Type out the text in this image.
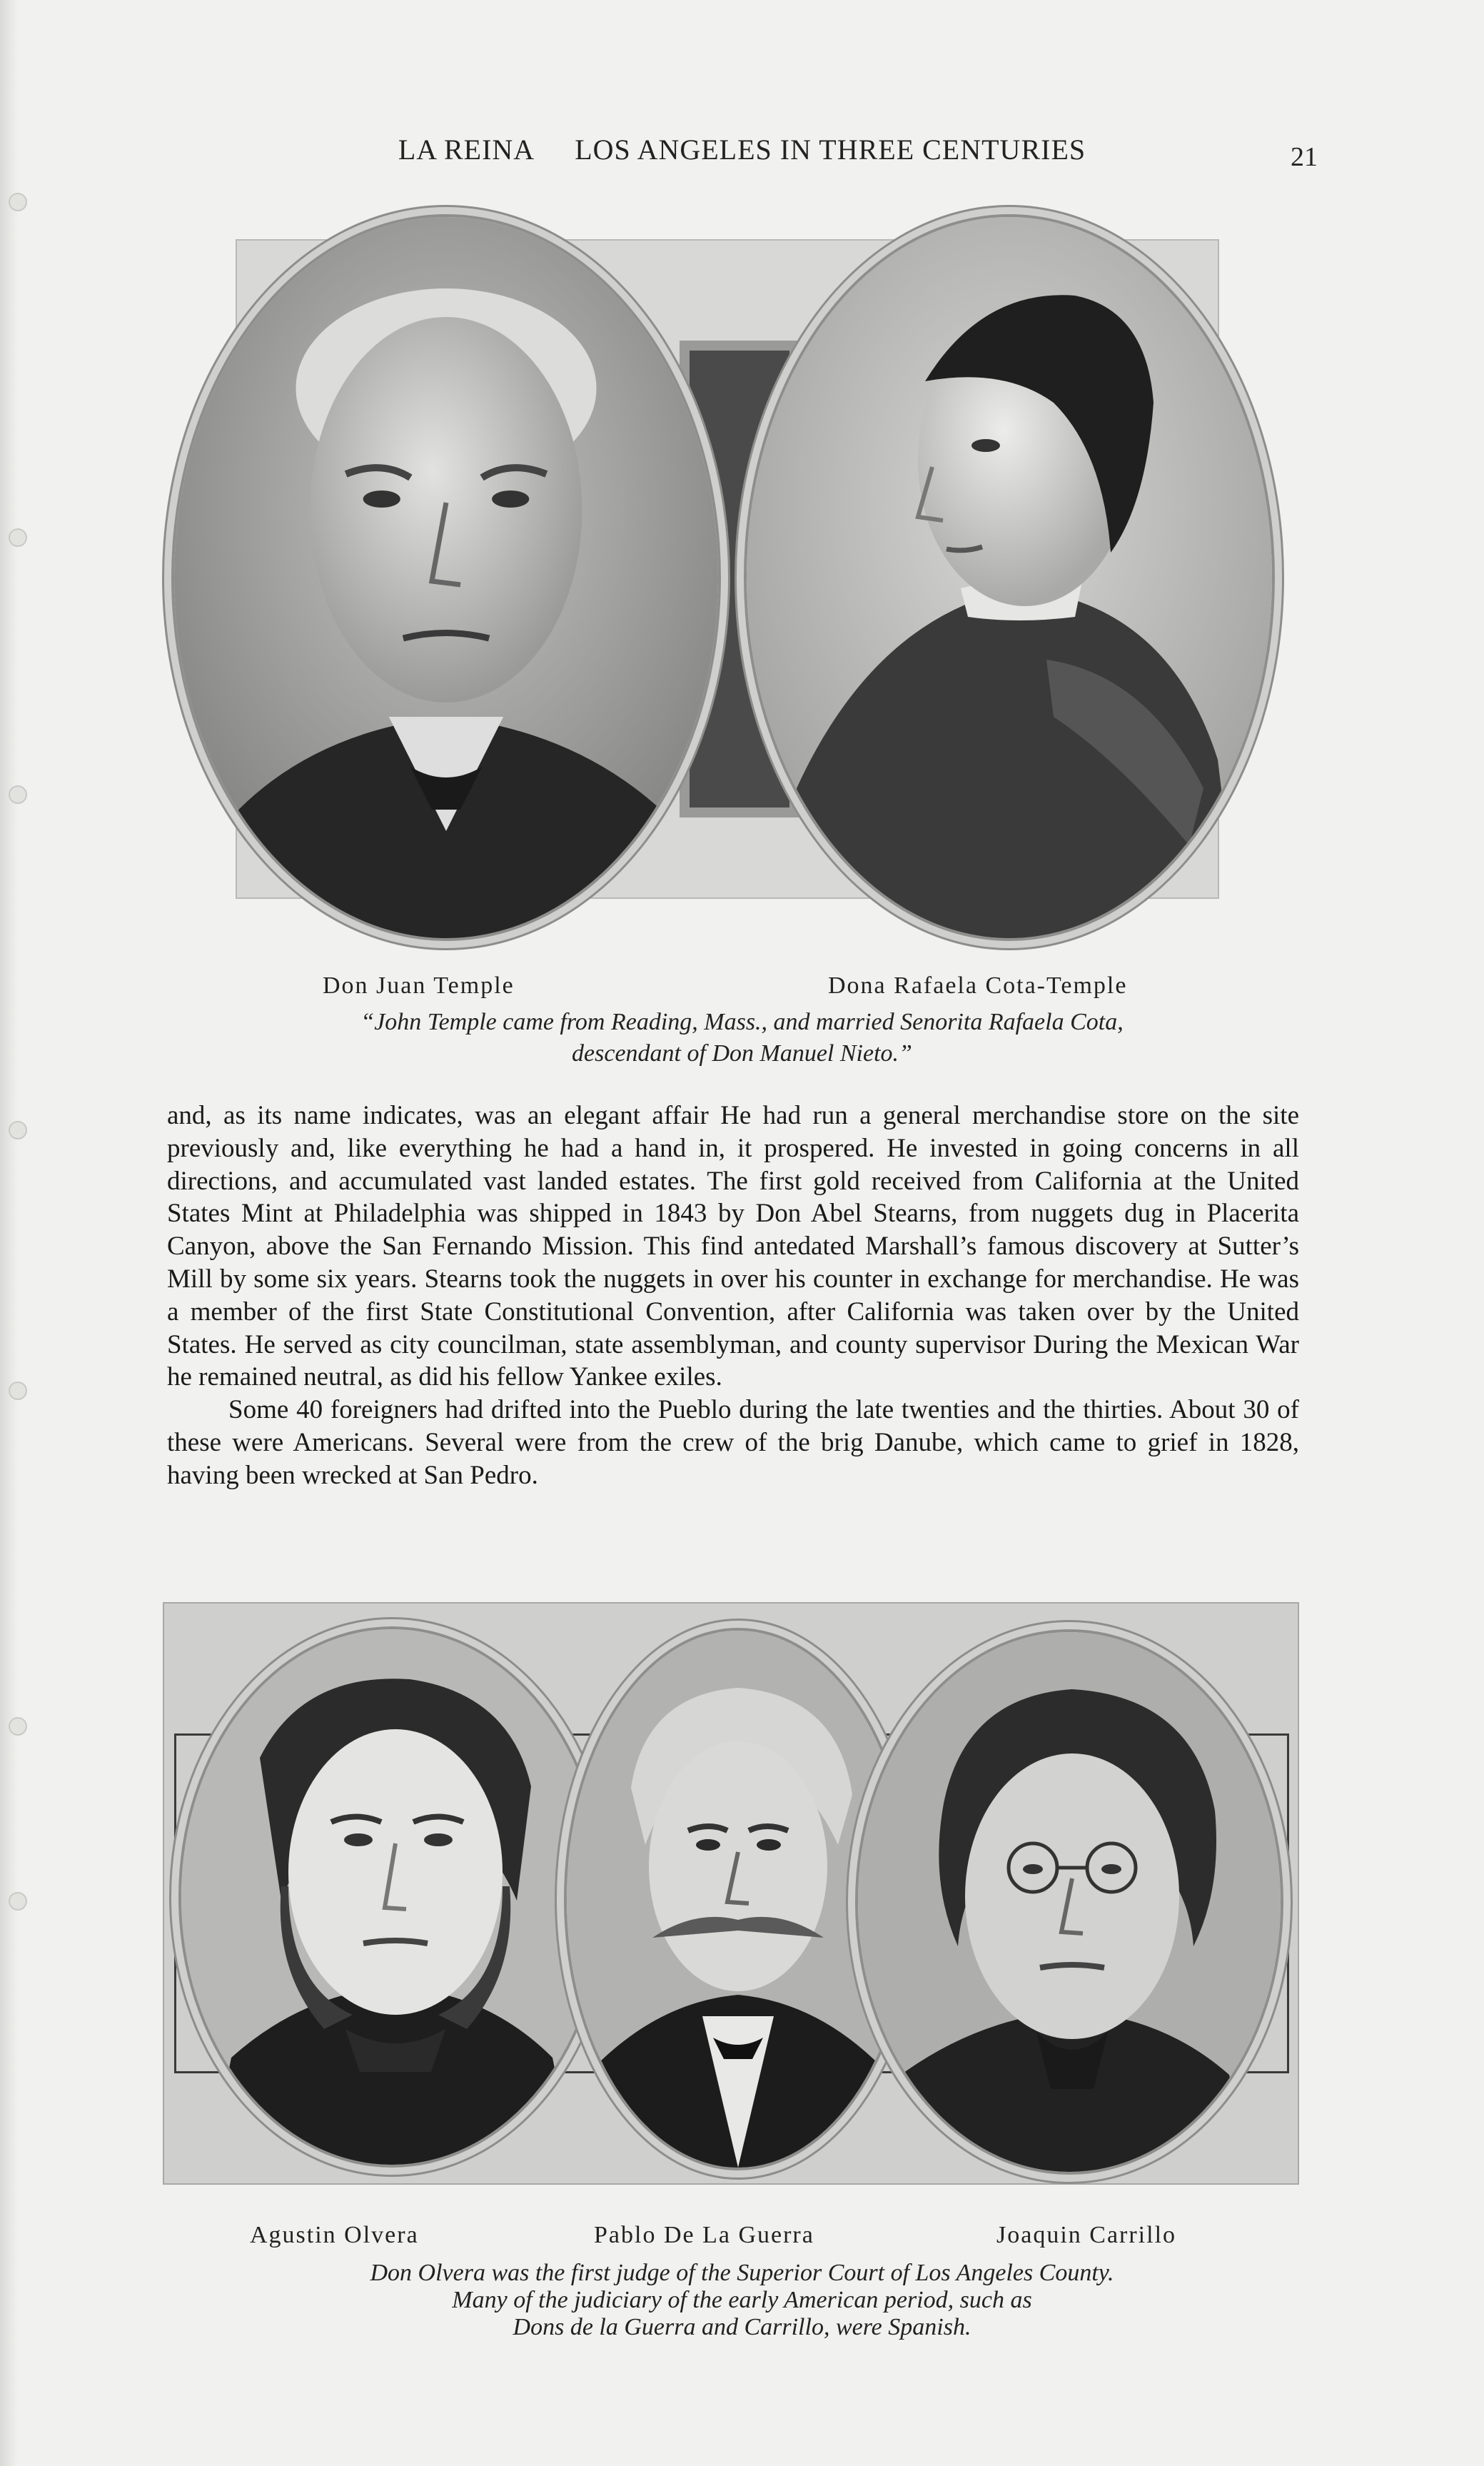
LA REINA LOS ANGELES IN THREE CENTURIES	21
Don Juan Temple	Dona Rafaela Cota-Temple
“John Temple came from Reading, Mass., and married Senorita Rafaela Cota,
descendant of Don Manuel Nieto.”

and, as its name indicates, was an elegant affair He had run a general merchandise store on the site previously and, like everything he had a hand in, it prospered. He invested in going concerns in all directions, and accumulated vast landed estates. The first gold received from California at the United States Mint at Philadelphia was shipped in 1843 by Don Abel Stearns, from nuggets dug in Placerita Canyon, above the San Fernando Mission. This find antedated Marshall’s famous discovery at Sutter’s Mill by some six years. Stearns took the nuggets in over his counter in exchange for merchandise. He was a member of the first State Constitutional Convention, after California was taken over by the United States. He served as city councilman, state assemblyman, and county supervisor During the Mexican War he remained neutral, as did his fellow Yankee exiles.

Some 40 foreigners had drifted into the Pueblo during the late twenties and the thirties. About 30 of these were Americans. Several were from the crew of the brig Danube, which came to grief in 1828, having been wrecked at San Pedro.

Agustin Olvera	Pablo De La Guerra	Joaquin Carrillo
Don Olvera was the first judge of the Superior Court of Los Angeles County.
Many of the judiciary of the early American period, such as
Dons de la Guerra and Carrillo, were Spanish.
